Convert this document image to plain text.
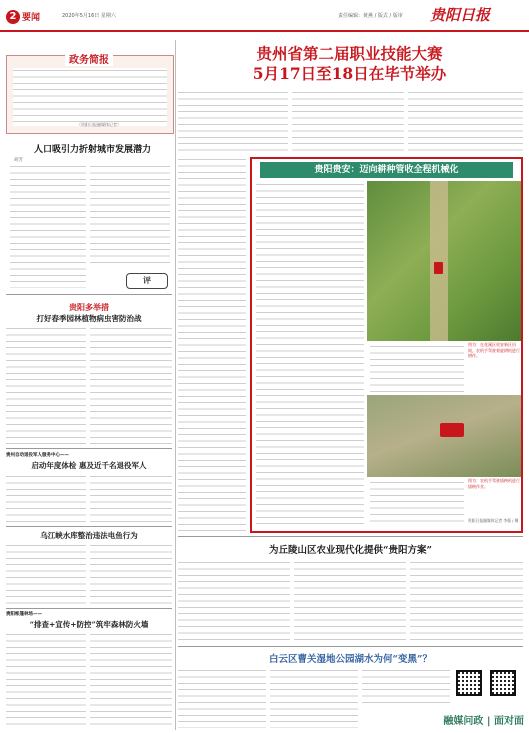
2 要闻	2020年5月16日 星期六	责任编辑：黄燕 / 版式 / 版审 贵阳日报
政务简报
（贵阳日报融媒体记者）
人口吸引力折射城市发展潜力
评
胡芳
贵阳多举措
打好春季园林植物病虫害防治战
贵州自动退役军人服务中心——
启动年度体检 惠及近千名退役军人
乌江峡水库整治违法电鱼行为
贵阳帐篷林场——
“排查+宣传+防控”筑牢森林防火墙
贵州省第二届职业技能大赛
5月17日至18日在毕节举办
贵阳贵安：迈向耕种管收全程机械化
图为：在花溪区贵安新区田间，农机手驾驶着旋耕机进行耕作。
图为：农机手驾驶插秧机进行插秧作业。
贵阳日报融媒体记者 李强 / 摄
为丘陵山区农业现代化提供“贵阳方案”
白云区曹关湿地公园湖水为何“变黑”？
融媒问政 | 面对面
